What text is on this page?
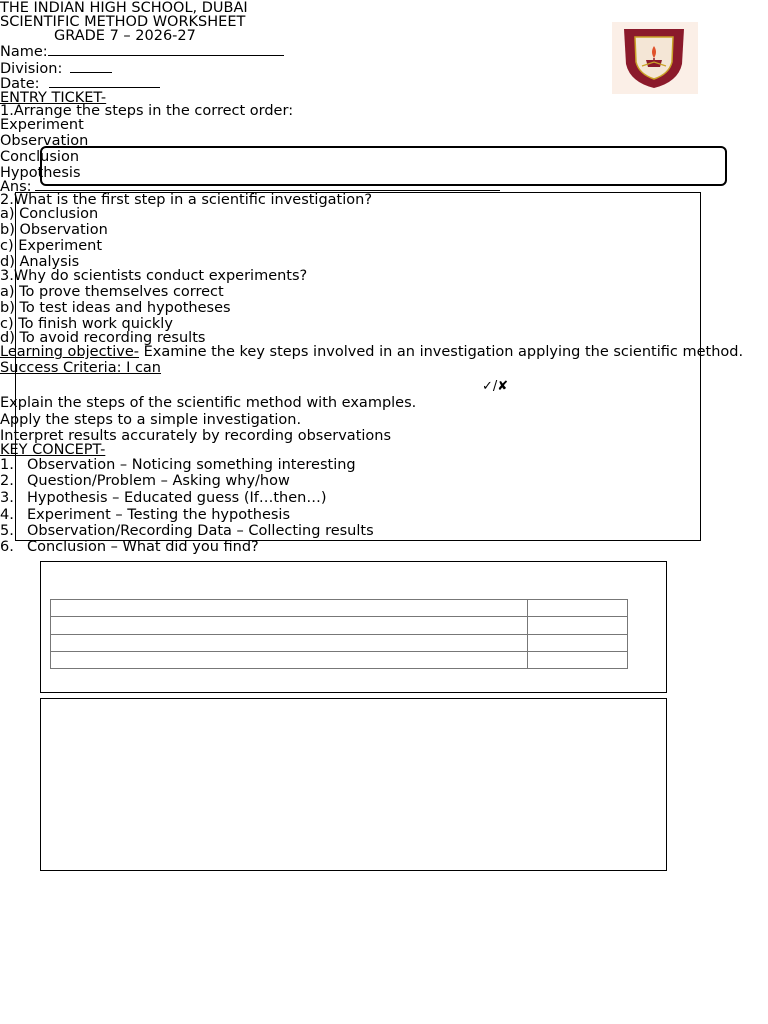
THE INDIAN HIGH SCHOOL, DUBAI
SCIENTIFIC METHOD WORKSHEET
GRADE 7 – 2026-27
Name:
Division:
Date:
ENTRY TICKET-
1.Arrange the steps in the correct order:
Experiment
Observation
Conclusion
Hypothesis
Ans:
2.What is the first step in a scientific investigation?
a) Conclusion
b) Observation
c) Experiment
d) Analysis
3.Why do scientists conduct experiments?
a) To prove themselves correct
b) To test ideas and hypotheses
c) To finish work quickly
d) To avoid recording results
Learning objective- Examine the key steps involved in an investigation applying the scientific method.
Success Criteria: I can
✓/✘
Explain the steps of the scientific method with examples.
Apply the steps to a simple investigation.
Interpret results accurately by recording observations
KEY CONCEPT-
1. Observation – Noticing something interesting
2. Question/Problem – Asking why/how
3. Hypothesis – Educated guess (If…then…)
4. Experiment – Testing the hypothesis
5. Observation/Recording Data – Collecting results
6. Conclusion – What did you find?
